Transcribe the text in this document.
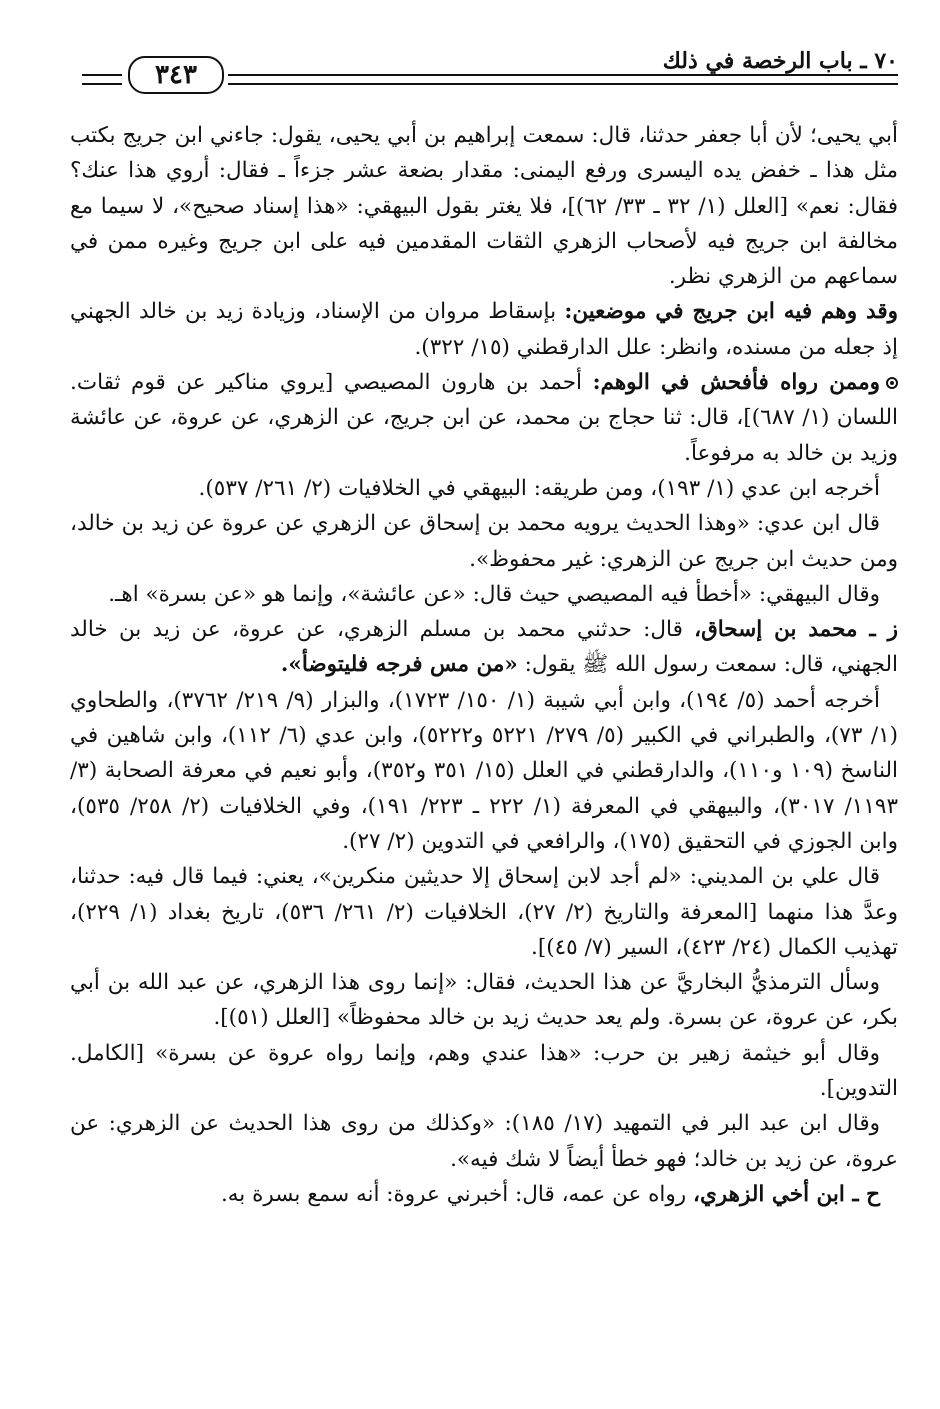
٧٠ ـ باب الرخصة في ذلك
٣٤٣

أبي يحيى؛ لأن أبا جعفر حدثنا، قال: سمعت إبراهيم بن أبي يحيى، يقول: جاءني ابن جريج بكتب مثل هذا ـ خفض يده اليسرى ورفع اليمنى: مقدار بضعة عشر جزءاً ـ فقال: أروي هذا عنك؟ فقال: نعم» [العلل (١/ ٣٢ ـ ٣٣/ ٦٢)]، فلا يغتر بقول البيهقي: «هذا إسناد صحيح»، لا سيما مع مخالفة ابن جريج فيه لأصحاب الزهري الثقات المقدمين فيه على ابن جريج وغيره ممن في سماعهم من الزهري نظر.

وقد وهم فيه ابن جريج في موضعين: بإسقاط مروان من الإسناد، وزيادة زيد بن خالد الجهني إذ جعله من مسنده، وانظر: علل الدارقطني (١٥/ ٣٢٢).

وممن رواه فأفحش في الوهم: أحمد بن هارون المصيصي [يروي مناكير عن قوم ثقات. اللسان (١/ ٦٨٧)]، قال: ثنا حجاج بن محمد، عن ابن جريج، عن الزهري، عن عروة، عن عائشة وزيد بن خالد به مرفوعاً.

أخرجه ابن عدي (١/ ١٩٣)، ومن طريقه: البيهقي في الخلافيات (٢/ ٢٦١/ ٥٣٧).

قال ابن عدي: «وهذا الحديث يرويه محمد بن إسحاق عن الزهري عن عروة عن زيد بن خالد، ومن حديث ابن جريج عن الزهري: غير محفوظ».

وقال البيهقي: «أخطأ فيه المصيصي حيث قال: «عن عائشة»، وإنما هو «عن بسرة» اهـ.

ز ـ محمد بن إسحاق، قال: حدثني محمد بن مسلم الزهري، عن عروة، عن زيد بن خالد الجهني، قال: سمعت رسول الله ﷺ يقول: «من مس فرجه فليتوضأ».

أخرجه أحمد (٥/ ١٩٤)، وابن أبي شيبة (١/ ١٥٠/ ١٧٢٣)، والبزار (٩/ ٢١٩/ ٣٧٦٢)، والطحاوي (١/ ٧٣)، والطبراني في الكبير (٥/ ٢٧٩/ ٥٢٢١ و٥٢٢٢)، وابن عدي (٦/ ١١٢)، وابن شاهين في الناسخ (١٠٩ و١١٠)، والدارقطني في العلل (١٥/ ٣٥١ و٣٥٢)، وأبو نعيم في معرفة الصحابة (٣/ ١١٩٣/ ٣٠١٧)، والبيهقي في المعرفة (١/ ٢٢٢ ـ ٢٢٣/ ١٩١)، وفي الخلافيات (٢/ ٢٥٨/ ٥٣٥)، وابن الجوزي في التحقيق (١٧٥)، والرافعي في التدوين (٢/ ٢٧).

قال علي بن المديني: «لم أجد لابن إسحاق إلا حديثين منكرين»، يعني: فيما قال فيه: حدثنا، وعدَّ هذا منهما [المعرفة والتاريخ (٢/ ٢٧)، الخلافيات (٢/ ٢٦١/ ٥٣٦)، تاريخ بغداد (١/ ٢٢٩)، تهذيب الكمال (٢٤/ ٤٢٣)، السير (٧/ ٤٥)].

وسأل الترمذيُّ البخاريَّ عن هذا الحديث، فقال: «إنما روى هذا الزهري، عن عبد الله بن أبي بكر، عن عروة، عن بسرة. ولم يعد حديث زيد بن خالد محفوظاً» [العلل (٥١)].

وقال أبو خيثمة زهير بن حرب: «هذا عندي وهم، وإنما رواه عروة عن بسرة» [الكامل. التدوين].

وقال ابن عبد البر في التمهيد (١٧/ ١٨٥): «وكذلك من روى هذا الحديث عن الزهري: عن عروة، عن زيد بن خالد؛ فهو خطأ أيضاً لا شك فيه».

ح ـ ابن أخي الزهري، رواه عن عمه، قال: أخبرني عروة: أنه سمع بسرة به.
